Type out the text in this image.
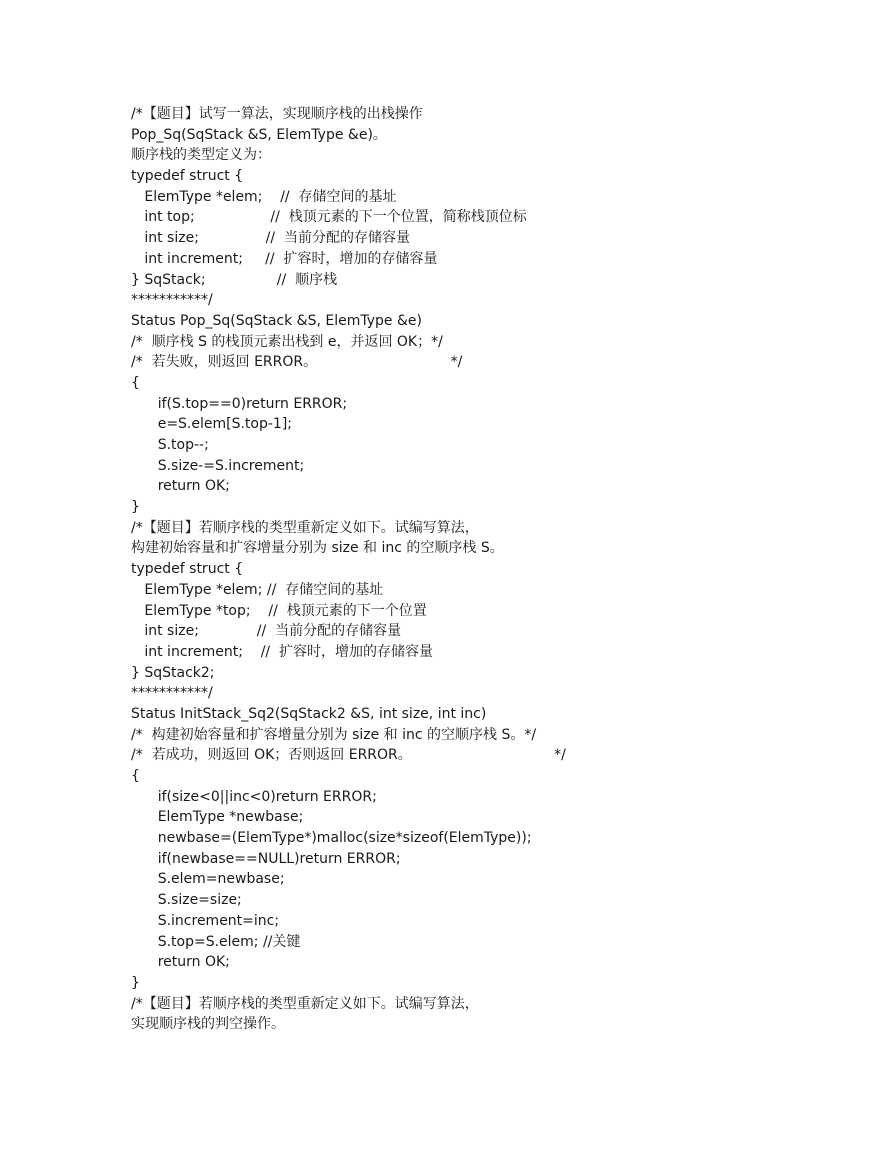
/*【题目】试写一算法，实现顺序栈的出栈操作
Pop_Sq(SqStack &S, ElemType &e)。
顺序栈的类型定义为：
typedef struct {
ElemType *elem;    //  存储空间的基址
int top;                 //  栈顶元素的下一个位置，简称栈顶位标
int size;               //  当前分配的存储容量
int increment;     //  扩容时，增加的存储容量
} SqStack;                //  顺序栈
***********/
Status Pop_Sq(SqStack &S, ElemType &e)
/*  顺序栈 S 的栈顶元素出栈到 e，并返回 OK；*/
/*  若失败，则返回 ERROR。                              */
{
if(S.top==0)return ERROR;
e=S.elem[S.top-1];
S.top--;
S.size-=S.increment;
return OK;
}
/*【题目】若顺序栈的类型重新定义如下。试编写算法，
构建初始容量和扩容增量分别为 size 和 inc 的空顺序栈 S。
typedef struct {
ElemType *elem; //  存储空间的基址
ElemType *top;    //  栈顶元素的下一个位置
int size;             //  当前分配的存储容量
int increment;    //  扩容时，增加的存储容量
} SqStack2;
***********/
Status InitStack_Sq2(SqStack2 &S, int size, int inc)
/*  构建初始容量和扩容增量分别为 size 和 inc 的空顺序栈 S。*/
/*  若成功，则返回 OK；否则返回 ERROR。                                */
{
if(size<0||inc<0)return ERROR;
ElemType *newbase;
newbase=(ElemType*)malloc(size*sizeof(ElemType));
if(newbase==NULL)return ERROR;
S.elem=newbase;
S.size=size;
S.increment=inc;
S.top=S.elem; //关键
return OK;
}
/*【题目】若顺序栈的类型重新定义如下。试编写算法，
实现顺序栈的判空操作。
